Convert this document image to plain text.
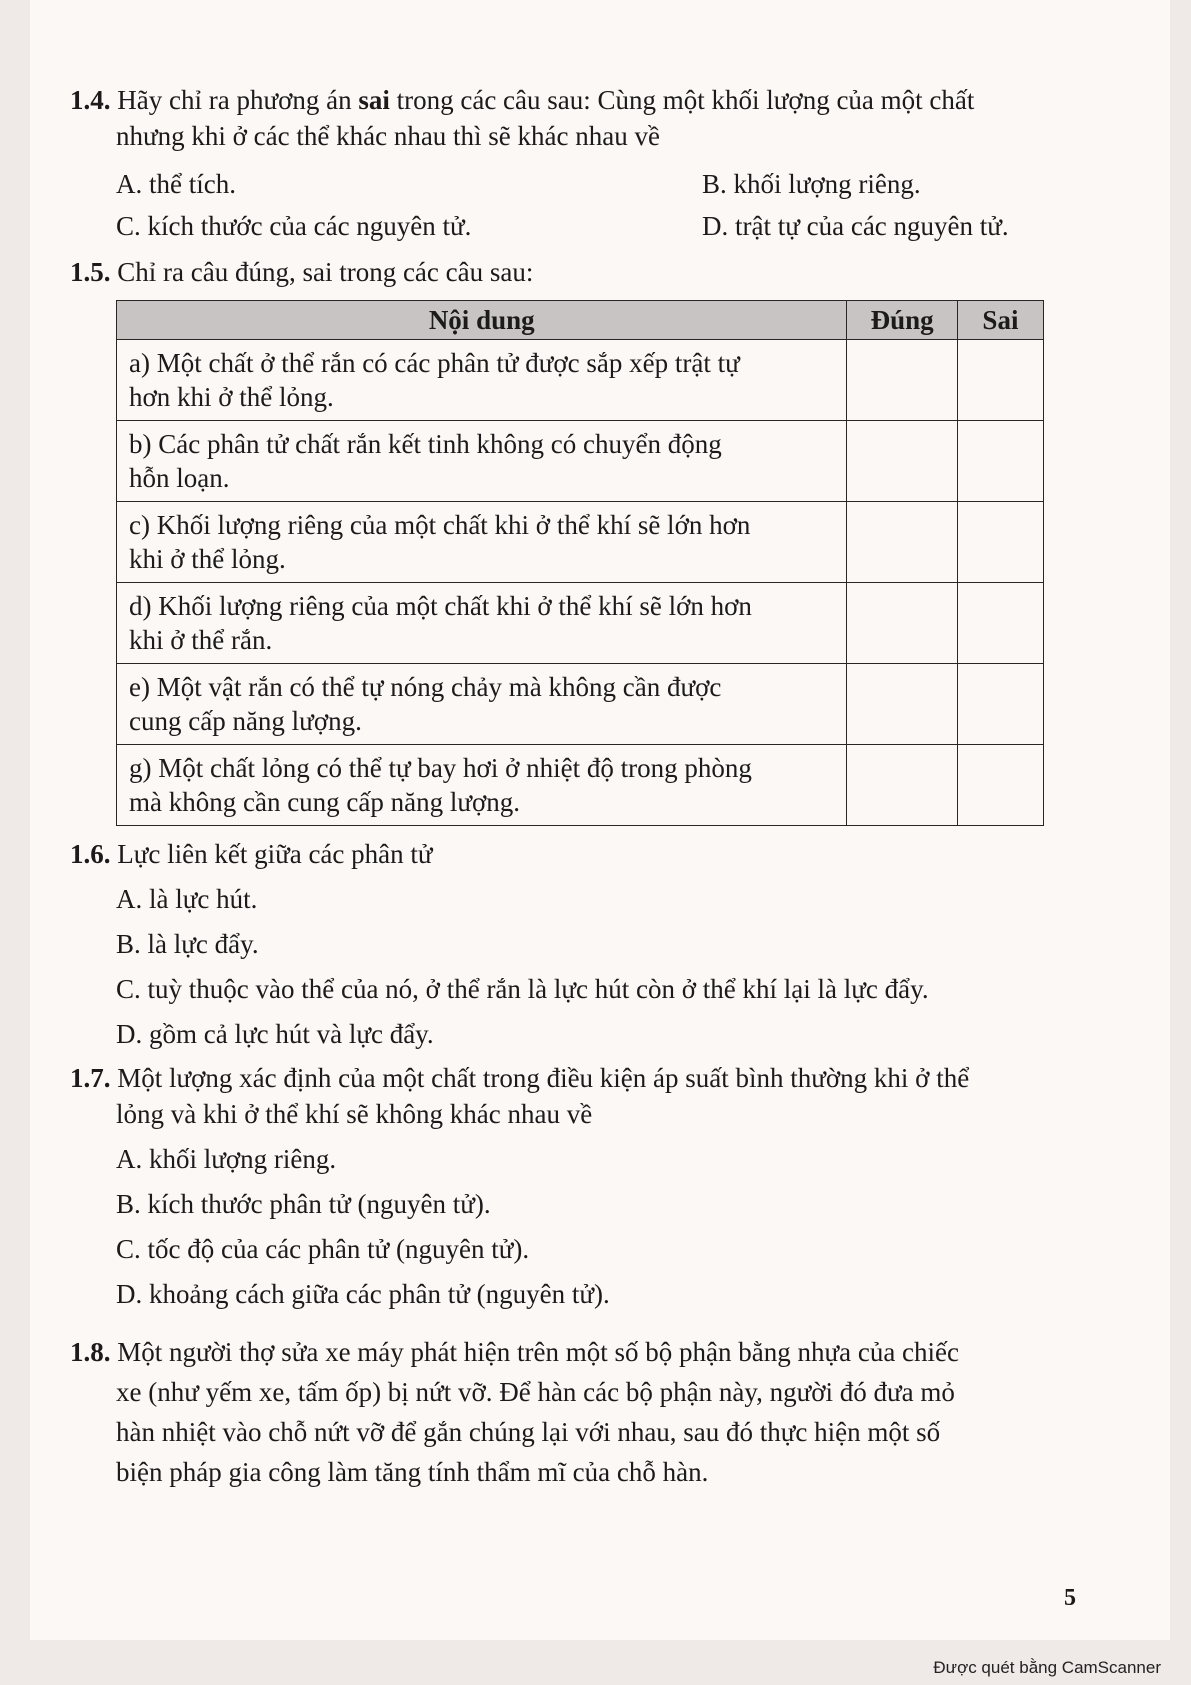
1.4. Hãy chỉ ra phương án sai trong các câu sau: Cùng một khối lượng của một chất
nhưng khi ở các thể khác nhau thì sẽ khác nhau về
A. thể tích.	B. khối lượng riêng.
C. kích thước của các nguyên tử.	D. trật tự của các nguyên tử.
1.5. Chỉ ra câu đúng, sai trong các câu sau:
Nội dung	Đúng	Sai
a) Một chất ở thể rắn có các phân tử được sắp xếp trật tự
hơn khi ở thể lỏng.		
b) Các phân tử chất rắn kết tinh không có chuyển động
hỗn loạn.		
c) Khối lượng riêng của một chất khi ở thể khí sẽ lớn hơn
khi ở thể lỏng.		
d) Khối lượng riêng của một chất khi ở thể khí sẽ lớn hơn
khi ở thể rắn.		
e) Một vật rắn có thể tự nóng chảy mà không cần được
cung cấp năng lượng.		
g) Một chất lỏng có thể tự bay hơi ở nhiệt độ trong phòng
mà không cần cung cấp năng lượng.		
1.6. Lực liên kết giữa các phân tử
A. là lực hút.
B. là lực đẩy.
C. tuỳ thuộc vào thể của nó, ở thể rắn là lực hút còn ở thể khí lại là lực đẩy.
D. gồm cả lực hút và lực đẩy.
1.7. Một lượng xác định của một chất trong điều kiện áp suất bình thường khi ở thể
lỏng và khi ở thể khí sẽ không khác nhau về
A. khối lượng riêng.
B. kích thước phân tử (nguyên tử).
C. tốc độ của các phân tử (nguyên tử).
D. khoảng cách giữa các phân tử (nguyên tử).
1.8. Một người thợ sửa xe máy phát hiện trên một số bộ phận bằng nhựa của chiếc
xe (như yếm xe, tấm ốp) bị nứt vỡ. Để hàn các bộ phận này, người đó đưa mỏ
hàn nhiệt vào chỗ nứt vỡ để gắn chúng lại với nhau, sau đó thực hiện một số
biện pháp gia công làm tăng tính thẩm mĩ của chỗ hàn.
5
Được quét bằng CamScanner
